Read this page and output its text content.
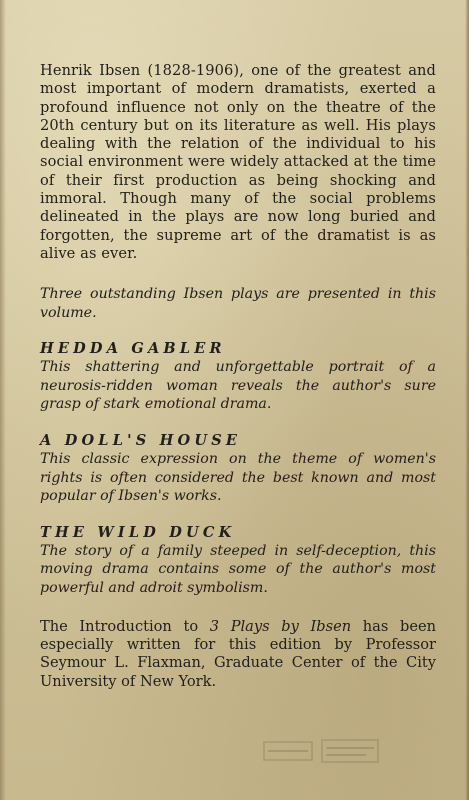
Henrik Ibsen (1828-1906), one of the greatest and most important of modern dramatists, exerted a profound influence not only on the theatre of the 20th century but on its literature as well. His plays dealing with the relation of the individual to his social environment were widely attacked at the time of their first production as being shocking and immoral. Though many of the social problems delineated in the plays are now long buried and forgotten, the supreme art of the dramatist is as alive as ever.

Three outstanding Ibsen plays are presented in this volume.

HEDDA GABLER

This shattering and unforgettable portrait of a neurosis-ridden woman reveals the author's sure grasp of stark emotional drama.

A DOLL'S HOUSE

This classic expression on the theme of women's rights is often considered the best known and most popular of Ibsen's works.

THE WILD DUCK

The story of a family steeped in self-deception, this moving drama contains some of the author's most powerful and adroit symbolism.

The Introduction to 3 Plays by Ibsen has been especially written for this edition by Professor Seymour L. Flaxman, Graduate Center of the City University of New York.
